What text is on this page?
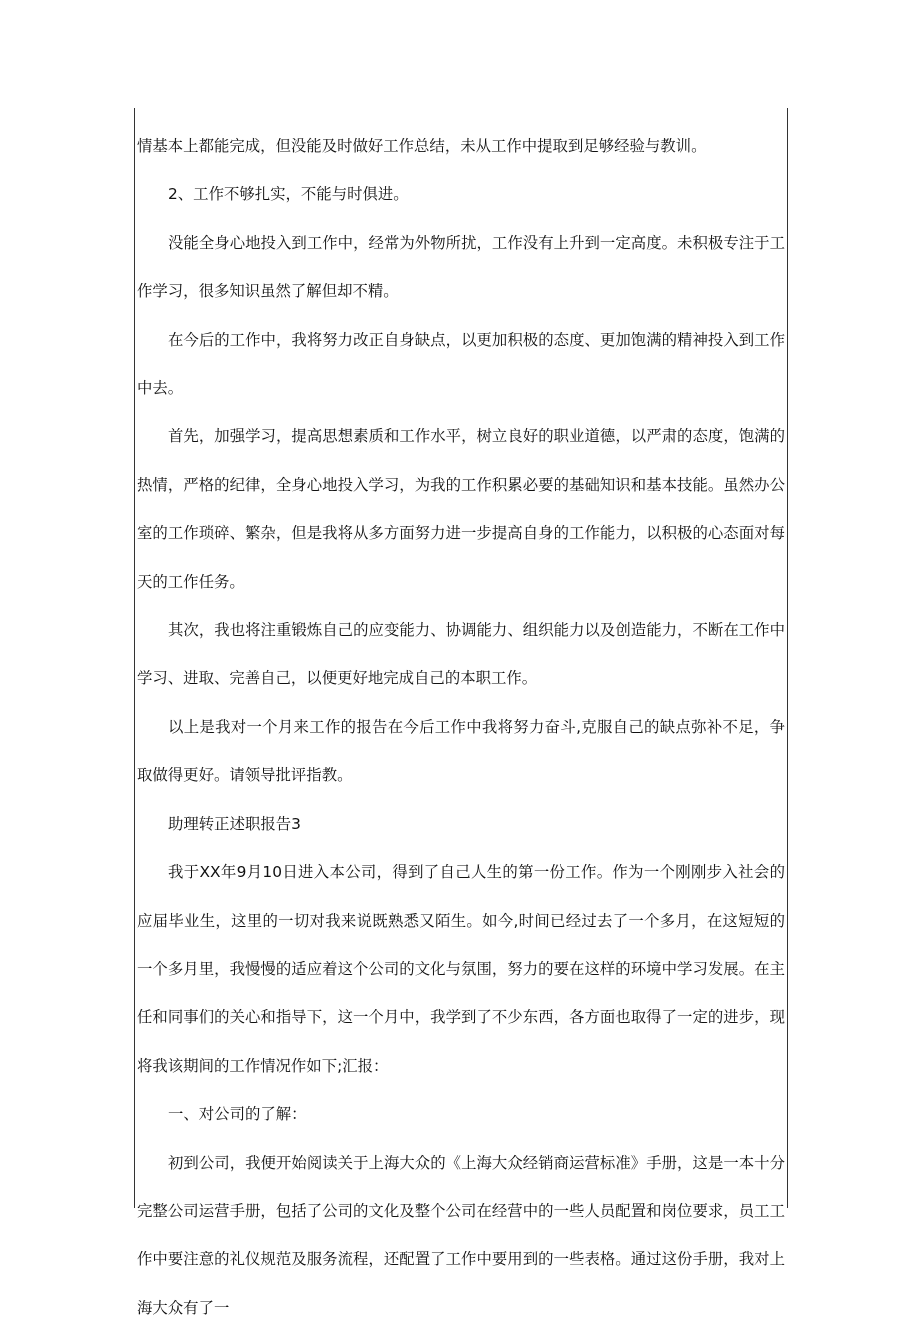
情基本上都能完成，但没能及时做好工作总结，未从工作中提取到足够经验与教训。

2、工作不够扎实，不能与时俱进。

没能全身心地投入到工作中，经常为外物所扰，工作没有上升到一定高度。未积极专注于工作学习，很多知识虽然了解但却不精。

在今后的工作中，我将努力改正自身缺点，以更加积极的态度、更加饱满的精神投入到工作中去。

首先，加强学习，提高思想素质和工作水平，树立良好的职业道德，以严肃的态度，饱满的热情，严格的纪律，全身心地投入学习，为我的工作积累必要的基础知识和基本技能。虽然办公室的工作琐碎、繁杂，但是我将从多方面努力进一步提高自身的工作能力，以积极的心态面对每天的工作任务。

其次，我也将注重锻炼自己的应变能力、协调能力、组织能力以及创造能力，不断在工作中学习、进取、完善自己，以便更好地完成自己的本职工作。

以上是我对一个月来工作的报告在今后工作中我将努力奋斗,克服自己的缺点弥补不足，争取做得更好。请领导批评指教。

助理转正述职报告3

我于XX年9月10日进入本公司，得到了自己人生的第一份工作。作为一个刚刚步入社会的应届毕业生，这里的一切对我来说既熟悉又陌生。如今,时间已经过去了一个多月，在这短短的一个多月里，我慢慢的适应着这个公司的文化与氛围，努力的要在这样的环境中学习发展。在主任和同事们的关心和指导下，这一个月中，我学到了不少东西，各方面也取得了一定的进步，现将我该期间的工作情况作如下;汇报：

一、对公司的了解：

初到公司，我便开始阅读关于上海大众的《上海大众经销商运营标准》手册，这是一本十分完整公司运营手册，包括了公司的文化及整个公司在经营中的一些人员配置和岗位要求，员工工作中要注意的礼仪规范及服务流程，还配置了工作中要用到的一些表格。通过这份手册，我对上海大众有了一
